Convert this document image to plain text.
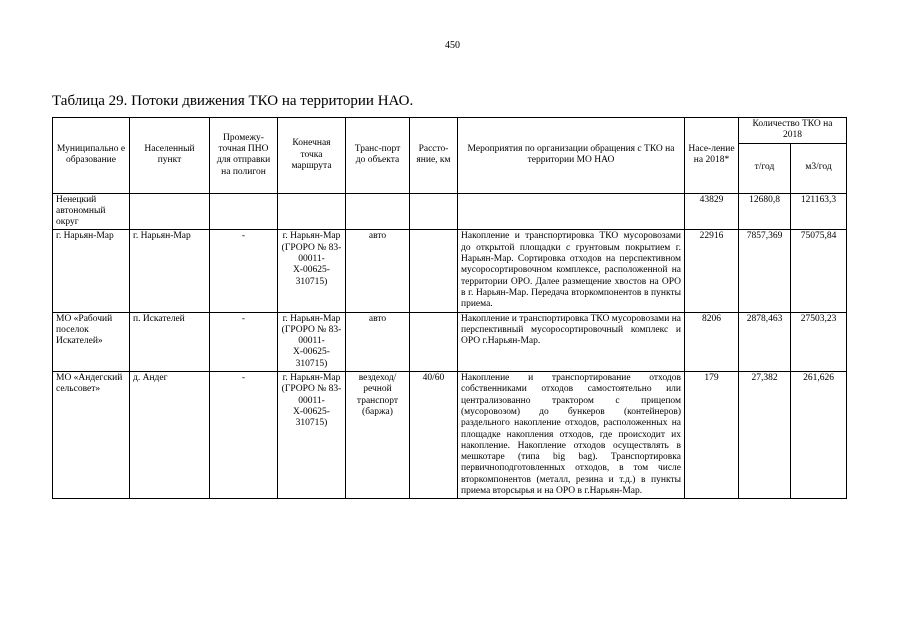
450
Таблица 29. Потоки движения ТКО на территории НАО.
Муниципально е образование	Населенный пункт	Промежу-точная ПНО для отправки на полигон	Конечная точка маршрута	Транс-порт до объекта	Рассто-яние, км	Мероприятия по организации обращения с ТКО на территории МО НАО	Насе-ление на 2018*	Количество ТКО на 2018	
								т/год	м3/год
Ненецкий автономный округ							43829	12680,8	121163,3
г. Нарьян-Мар	г. Нарьян-Мар	-	г. Нарьян-Мар (ГРОРО № 83-00011-Х-00625-310715)	авто		Накопление и транспортировка ТКО мусоровозами до открытой площадки с грунтовым покрытием г. Нарьян-Мар. Сортировка отходов на перспективном мусоросортировочном комплексе, расположенной на территории ОРО. Далее размещение хвостов на ОРО в г. Нарьян-Мар. Передача вторкомпонентов в пункты приема.	22916	7857,369	75075,84
МО «Рабочий поселок Искателей»	п. Искателей	-	г. Нарьян-Мар (ГРОРО № 83-00011-Х-00625-310715)	авто		Накопление и транспортировка ТКО мусоровозами на перспективный мусоросортировочный комплекс и ОРО г.Нарьян-Мар.	8206	2878,463	27503,23
МО «Андегский сельсовет»	д. Андег	-	г. Нарьян-Мар (ГРОРО № 83-00011-Х-00625-310715)	вездеход/ речной транспорт (баржа)	40/60	Накопление и транспортирование отходов собственниками отходов самостоятельно или централизованно трактором с прицепом (мусоровозом) до бункеров (контейнеров) раздельного накопление отходов, расположенных на площадке накопления отходов, где происходит их накопление. Накопление отходов осуществлять в мешкотаре (типа big bag). Транспортировка первичноподготовленных отходов, в том числе вторкомпонентов (металл, резина и т.д.) в пункты приема вторсырья и на ОРО в г.Нарьян-Мар.	179	27,382	261,626
